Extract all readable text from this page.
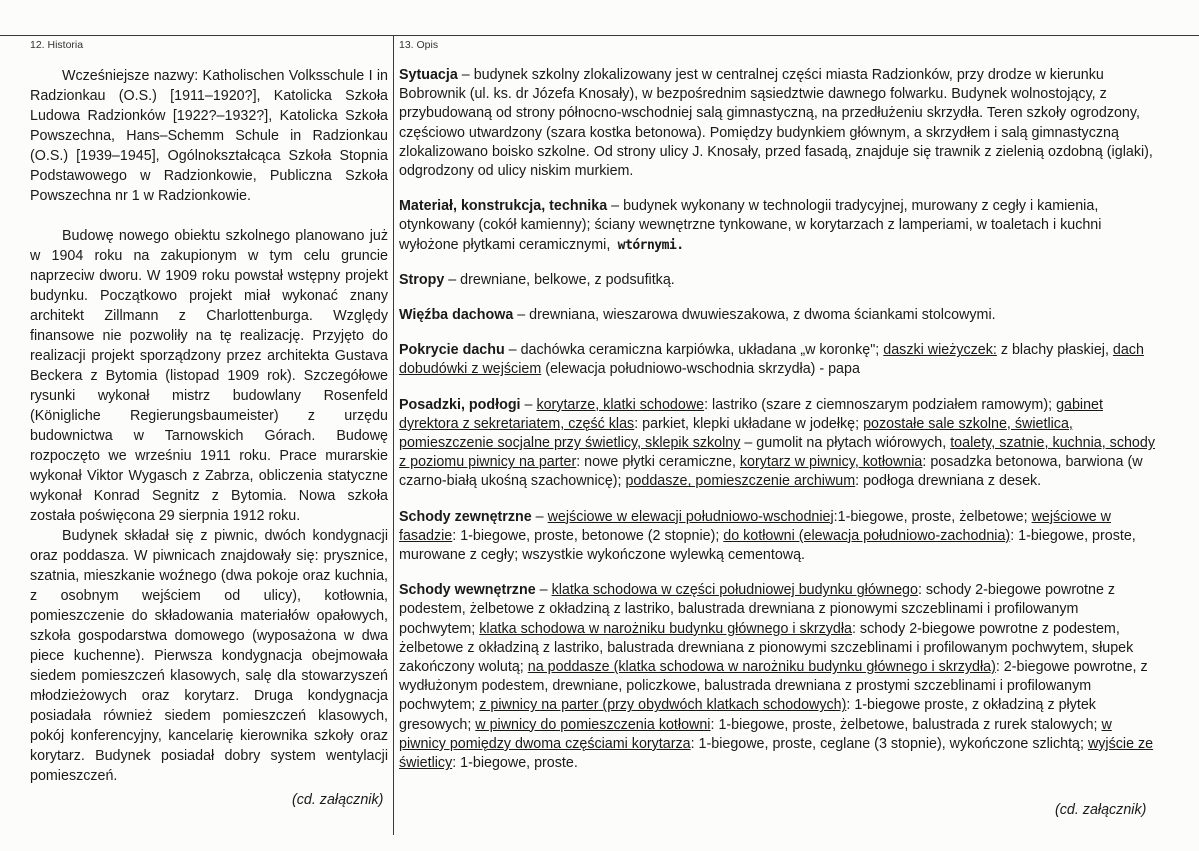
12. Historia	13. Opis

Wcześniejsze nazwy: Katholischen Volksschule I in Radzionkau (O.S.) [1911–1920?], Katolicka Szkoła Ludowa Radzionków [1922?–1932?], Katolicka Szkoła Powszechna, Hans–Schemm Schule in Radzionkau (O.S.) [1939–1945], Ogólnokształcąca Szkoła Stopnia Podstawowego w Radzionkowie, Publiczna Szkoła Powszechna nr 1 w Radzionkowie.

Budowę nowego obiektu szkolnego planowano już w 1904 roku na zakupionym w tym celu gruncie naprzeciw dworu. W 1909 roku powstał wstępny projekt budynku. Początkowo projekt miał wykonać znany architekt Zillmann z Charlottenburga. Względy finansowe nie pozwoliły na tę realizację. Przyjęto do realizacji projekt sporządzony przez architekta Gustava Beckera z Bytomia (listopad 1909 rok). Szczegółowe rysunki wykonał mistrz budowlany Rosenfeld (Königliche Regierungsbaumeister) z urzędu budownictwa w Tarnowskich Górach. Budowę rozpoczęto we wrześniu 1911 roku. Prace murarskie wykonał Viktor Wygasch z Zabrza, obliczenia statyczne wykonał Konrad Segnitz z Bytomia. Nowa szkoła została poświęcona 29 sierpnia 1912 roku.

Budynek składał się z piwnic, dwóch kondygnacji oraz poddasza. W piwnicach znajdowały się: prysznice, szatnia, mieszkanie woźnego (dwa pokoje oraz kuchnia, z osobnym wejściem od ulicy), kotłownia, pomieszczenie do składowania materiałów opałowych, szkoła gospodarstwa domowego (wyposażona w dwa piece kuchenne). Pierwsza kondygnacja obejmowała siedem pomieszczeń klasowych, salę dla stowarzyszeń młodzieżowych oraz korytarz. Druga kondygnacja posiadała również siedem pomieszczeń klasowych, pokój konferencyjny, kancelarię kierownika szkoły oraz korytarz. Budynek posiadał dobry system wentylacji pomieszczeń.

(cd. załącznik)

Sytuacja – budynek szkolny zlokalizowany jest w centralnej części miasta Radzionków, przy drodze w kierunku Bobrownik (ul. ks. dr Józefa Knosały), w bezpośrednim sąsiedztwie dawnego folwarku. Budynek wolnostojący, z przybudowaną od strony północno-wschodniej salą gimnastyczną, na przedłużeniu skrzydła. Teren szkoły ogrodzony, częściowo utwardzony (szara kostka betonowa). Pomiędzy budynkiem głównym, a skrzydłem i salą gimnastyczną zlokalizowano boisko szkolne. Od strony ulicy J. Knosały, przed fasadą, znajduje się trawnik z zielenią ozdobną (iglaki), odgrodzony od ulicy niskim murkiem.

Materiał, konstrukcja, technika – budynek wykonany w technologii tradycyjnej, murowany z cegły i kamienia, otynkowany (cokół kamienny); ściany wewnętrzne tynkowane, w korytarzach z lamperiami, w toaletach i kuchni wyłożone płytkami ceramicznymi, wtórnymi.

Stropy – drewniane, belkowe, z podsufitką.

Więźba dachowa – drewniana, wieszarowa dwuwieszakowa, z dwoma ściankami stolcowymi.

Pokrycie dachu – dachówka ceramiczna karpiówka, układana „w koronkę"; daszki wieżyczek: z blachy płaskiej, dach dobudówki z wejściem (elewacja południowo-wschodnia skrzydła) - papa

Posadzki, podłogi – korytarze, klatki schodowe: lastriko (szare z ciemnoszarym podziałem ramowym); gabinet dyrektora z sekretariatem, część klas: parkiet, klepki układane w jodełkę; pozostałe sale szkolne, świetlica, pomieszczenie socjalne przy świetlicy, sklepik szkolny – gumolit na płytach wiórowych, toalety, szatnie, kuchnia, schody z poziomu piwnicy na parter: nowe płytki ceramiczne, korytarz w piwnicy, kotłownia: posadzka betonowa, barwiona (w czarno-białą ukośną szachownicę); poddasze, pomieszczenie archiwum: podłoga drewniana z desek.

Schody zewnętrzne – wejściowe w elewacji południowo-wschodniej:1-biegowe, proste, żelbetowe; wejściowe w fasadzie: 1-biegowe, proste, betonowe (2 stopnie); do kotłowni (elewacja południowo-zachodnia): 1-biegowe, proste, murowane z cegły; wszystkie wykończone wylewką cementową.

Schody wewnętrzne – klatka schodowa w części południowej budynku głównego: schody 2-biegowe powrotne z podestem, żelbetowe z okładziną z lastriko, balustrada drewniana z pionowymi szczeblinami i profilowanym pochwytem; klatka schodowa w narożniku budynku głównego i skrzydła: schody 2-biegowe powrotne z podestem, żelbetowe z okładziną z lastriko, balustrada drewniana z pionowymi szczeblinami i profilowanym pochwytem, słupek zakończony wolutą; na poddasze (klatka schodowa w narożniku budynku głównego i skrzydła): 2-biegowe powrotne, z wydłużonym podestem, drewniane, policzkowe, balustrada drewniana z prostymi szczeblinami i profilowanym pochwytem; z piwnicy na parter (przy obydwóch klatkach schodowych): 1-biegowe proste, z okładziną z płytek gresowych; w piwnicy do pomieszczenia kotłowni: 1-biegowe, proste, żelbetowe, balustrada z rurek stalowych; w piwnicy pomiędzy dwoma częściami korytarza: 1-biegowe, proste, ceglane (3 stopnie), wykończone szlichtą; wyjście ze świetlicy: 1-biegowe, proste.

(cd. załącznik)
